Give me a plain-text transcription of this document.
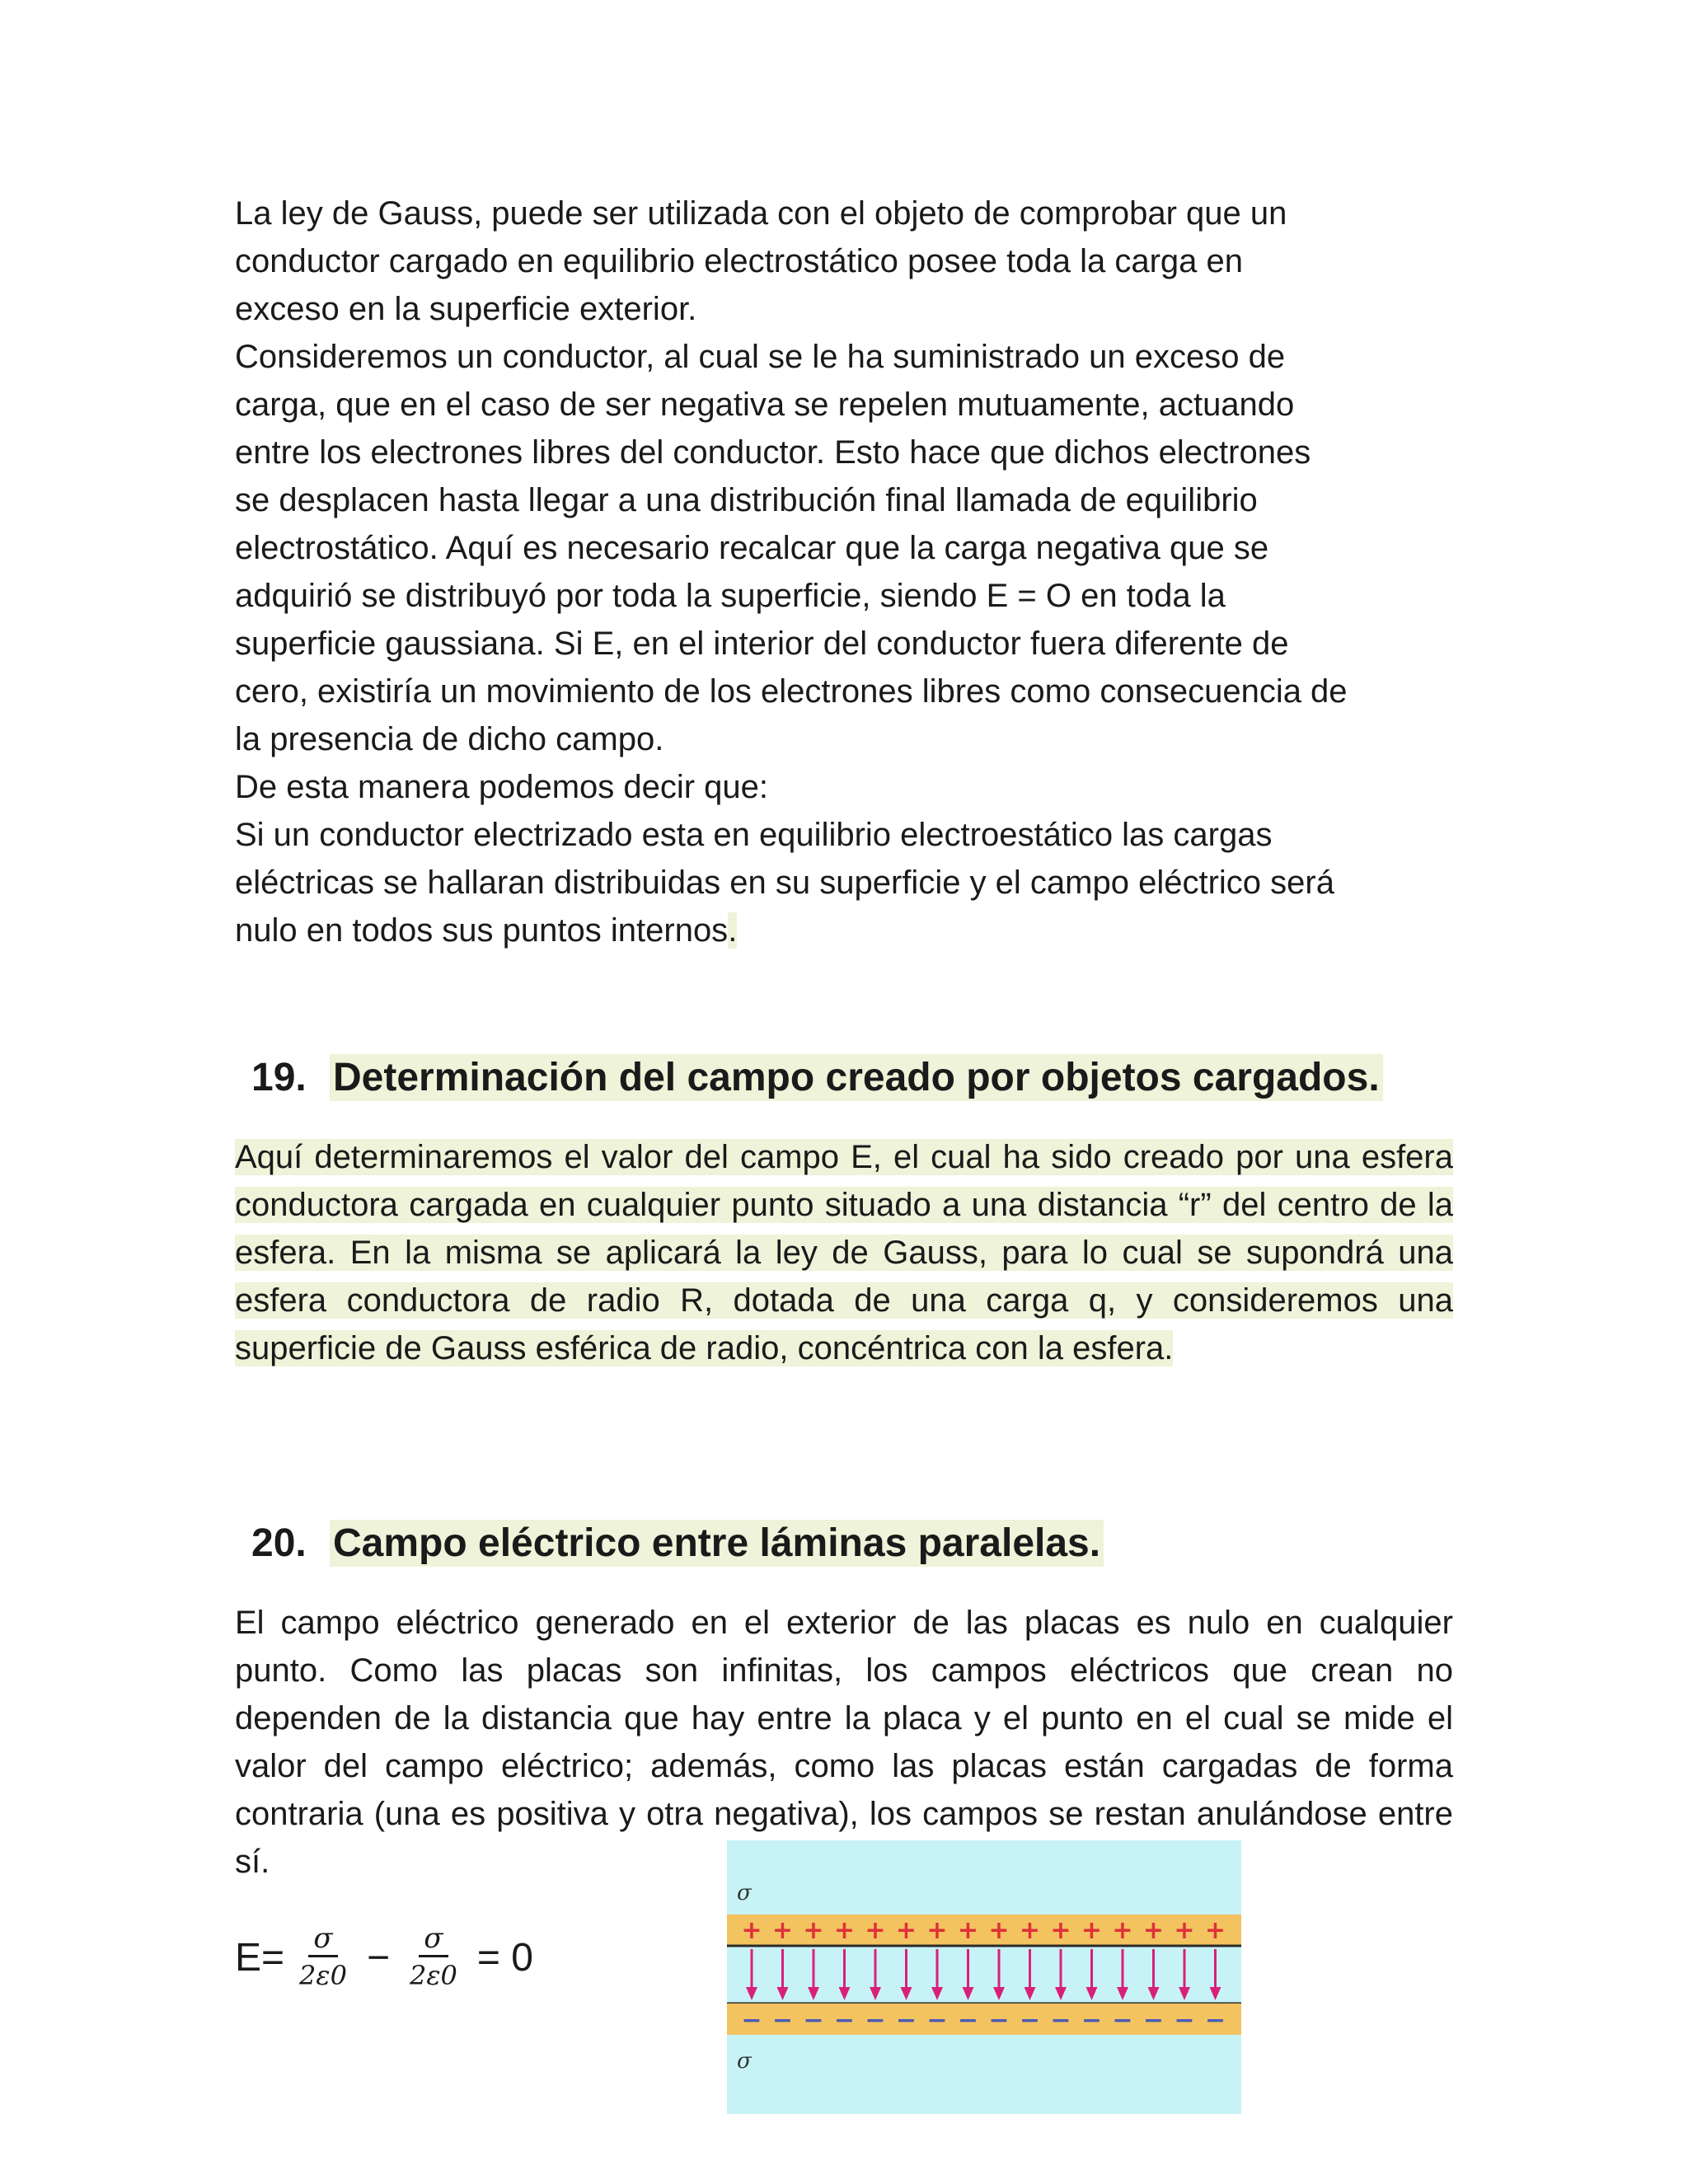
La ley de Gauss, puede ser utilizada con el objeto de comprobar que un
conductor cargado en equilibrio electrostático posee toda la carga en
exceso en la superficie exterior.

Consideremos un conductor, al cual se le ha suministrado un exceso de
carga, que en el caso de ser negativa se repelen mutuamente, actuando
entre los electrones libres del conductor. Esto hace que dichos electrones
se desplacen hasta llegar a una distribución final llamada de equilibrio
electrostático. Aquí es necesario recalcar que la carga negativa que se
adquirió se distribuyó por toda la superficie, siendo E = O en toda la
superficie gaussiana. Si E, en el interior del conductor fuera diferente de
cero, existiría un movimiento de los electrones libres como consecuencia de
la presencia de dicho campo.

De esta manera podemos decir que:

Si un conductor electrizado esta en equilibrio electroestático las cargas
eléctricas se hallaran distribuidas en su superficie y el campo eléctrico será
nulo en todos sus puntos internos.

19. Determinación del campo creado por objetos cargados.

Aquí determinaremos el valor del campo E, el cual ha sido creado por una esfera conductora cargada en cualquier punto situado a una distancia “r” del centro de la esfera. En la misma se aplicará la ley de Gauss, para lo cual se supondrá una esfera conductora de radio R, dotada de una carga q, y consideremos una superficie de Gauss esférica de radio, concéntrica con la esfera.

20. Campo eléctrico entre láminas paralelas.

El campo eléctrico generado en el exterior de las placas es nulo en cualquier punto. Como las placas son infinitas, los campos eléctricos que crean no dependen de la distancia que hay entre la placa y el punto en el cual se mide el valor del campo eléctrico; además, como las placas están cargadas de forma contraria (una es positiva y otra negativa), los campos se restan anulándose entre sí.

$E= \frac{\sigma}{2\varepsilon 0} - \frac{\sigma}{2\varepsilon 0} = 0$
σ
+ + + + + + + + + + + + + + + +
− − − − − − − − − − − − − − − −
σ
